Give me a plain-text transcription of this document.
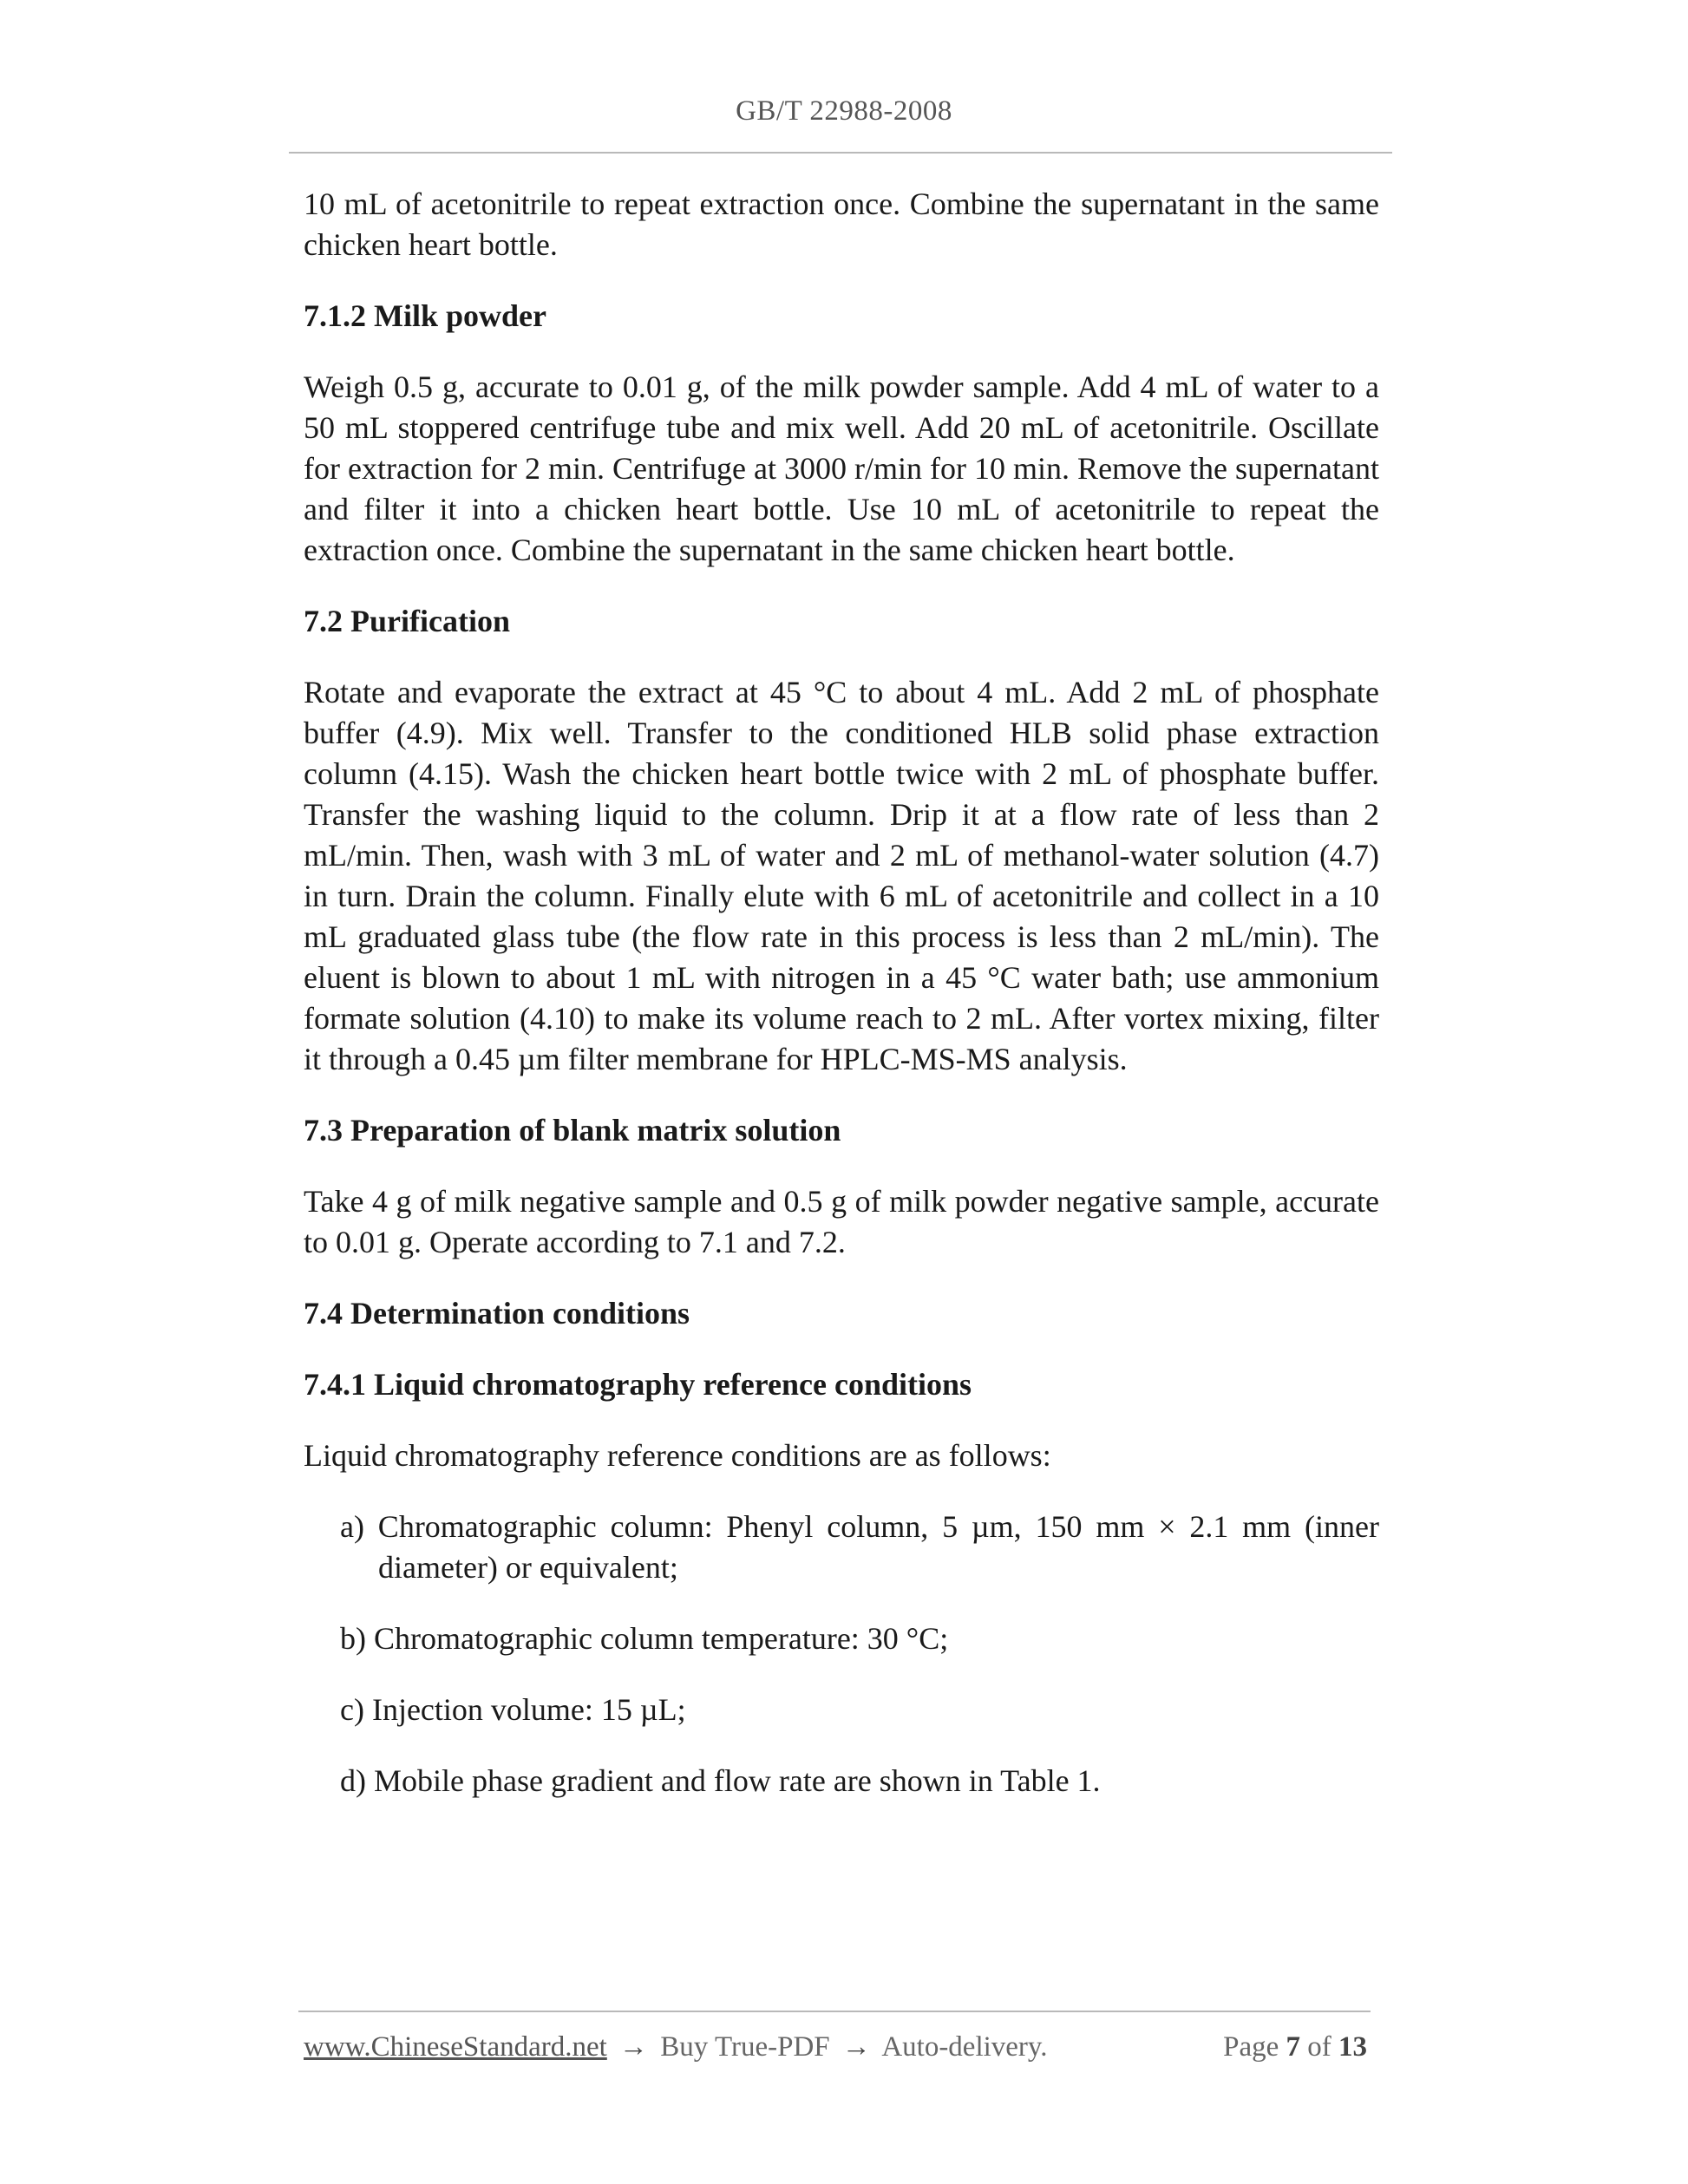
GB/T 22988-2008

10 mL of acetonitrile to repeat extraction once. Combine the supernatant in the same chicken heart bottle.

7.1.2 Milk powder

Weigh 0.5 g, accurate to 0.01 g, of the milk powder sample. Add 4 mL of water to a 50 mL stoppered centrifuge tube and mix well. Add 20 mL of acetonitrile. Oscillate for extraction for 2 min. Centrifuge at 3000 r/min for 10 min. Remove the supernatant and filter it into a chicken heart bottle. Use 10 mL of acetonitrile to repeat the extraction once. Combine the supernatant in the same chicken heart bottle.

7.2 Purification

Rotate and evaporate the extract at 45 °C to about 4 mL. Add 2 mL of phosphate buffer (4.9). Mix well. Transfer to the conditioned HLB solid phase extraction column (4.15). Wash the chicken heart bottle twice with 2 mL of phosphate buffer. Transfer the washing liquid to the column. Drip it at a flow rate of less than 2 mL/min. Then, wash with 3 mL of water and 2 mL of methanol-water solution (4.7) in turn. Drain the column. Finally elute with 6 mL of acetonitrile and collect in a 10 mL graduated glass tube (the flow rate in this process is less than 2 mL/min). The eluent is blown to about 1 mL with nitrogen in a 45 °C water bath; use ammonium formate solution (4.10) to make its volume reach to 2 mL. After vortex mixing, filter it through a 0.45 µm filter membrane for HPLC-MS-MS analysis.

7.3 Preparation of blank matrix solution

Take 4 g of milk negative sample and 0.5 g of milk powder negative sample, accurate to 0.01 g. Operate according to 7.1 and 7.2.

7.4 Determination conditions

7.4.1 Liquid chromatography reference conditions

Liquid chromatography reference conditions are as follows:

a) Chromatographic column: Phenyl column, 5 µm, 150 mm × 2.1 mm (inner diameter) or equivalent;
b) Chromatographic column temperature: 30 °C;
c) Injection volume: 15 µL;
d) Mobile phase gradient and flow rate are shown in Table 1.
www.ChineseStandard.net → Buy True-PDF → Auto-delivery.	Page 7 of 13
